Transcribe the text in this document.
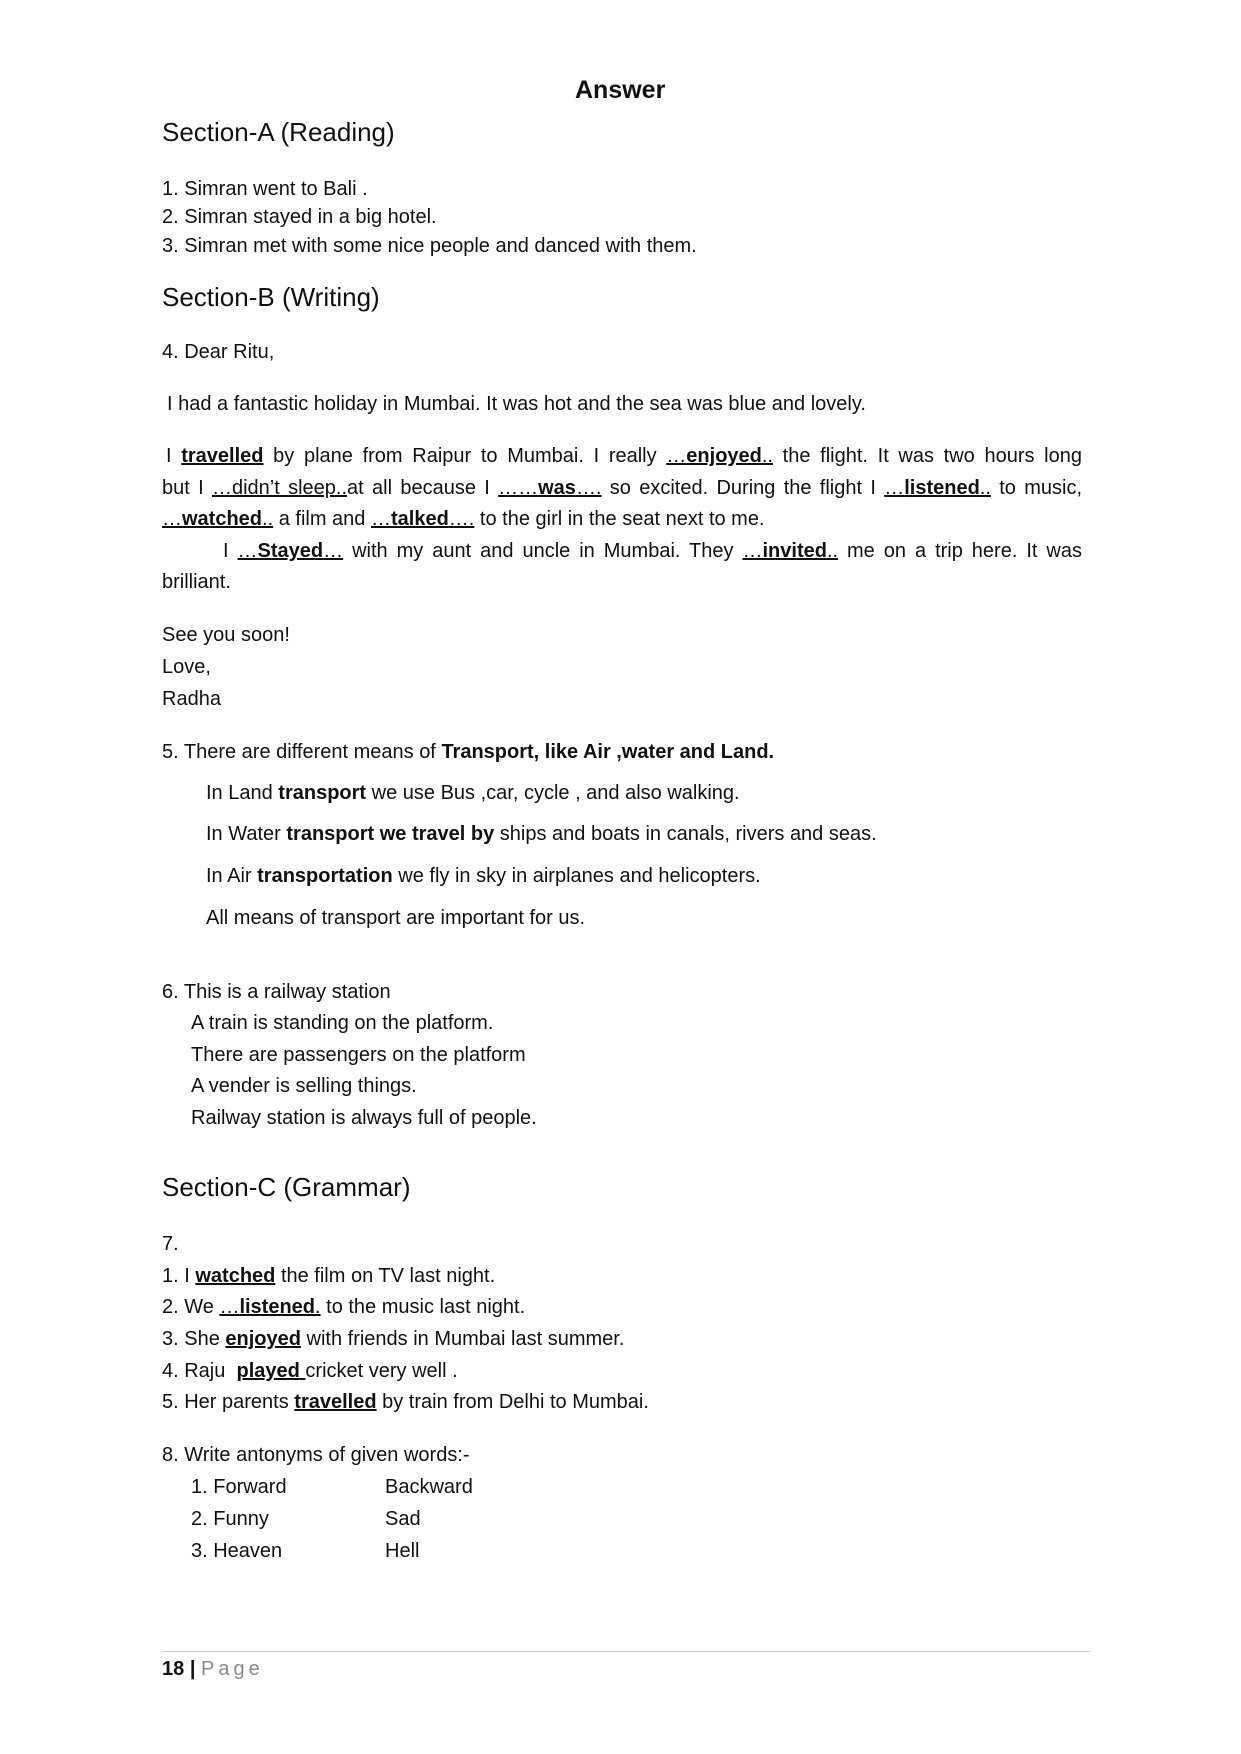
Answer
Section-A (Reading)
1. Simran went to Bali .
2. Simran stayed in a big hotel.
3. Simran met with some nice people and danced with them.
Section-B (Writing)
4. Dear Ritu,
I had a fantastic holiday in Mumbai. It was hot and the sea was blue and lovely.
I travelled by plane from Raipur to Mumbai. I really …enjoyed.. the flight. It was two hours long
but I …didn’t sleep..at all because I ……was…. so excited. During the flight I …listened.. to music,
…watched.. a film and …talked…. to the girl in the seat next to me.
I …Stayed… with my aunt and uncle in Mumbai. They …invited.. me on a trip here. It was
brilliant.
See you soon!
Love,
Radha
5. There are different means of Transport, like Air ,water and Land.
In Land transport we use Bus ,car, cycle , and also walking.
In Water transport we travel by ships and boats in canals, rivers and seas.
In Air transportation we fly in sky in airplanes and helicopters.
All means of transport are important for us.
6. This is a railway station
A train is standing on the platform.
There are passengers on the platform
A vender is selling things.
Railway station is always full of people.
Section-C (Grammar)
7.
1. I watched the film on TV last night.
2. We …listened. to the music last night.
3. She enjoyed with friends in Mumbai last summer.
4. Raju  played cricket very well .
5. Her parents travelled by train from Delhi to Mumbai.
8. Write antonyms of given words:-
1. Forward	Backward
2. Funny	Sad
3. Heaven	Hell
18 | Page
